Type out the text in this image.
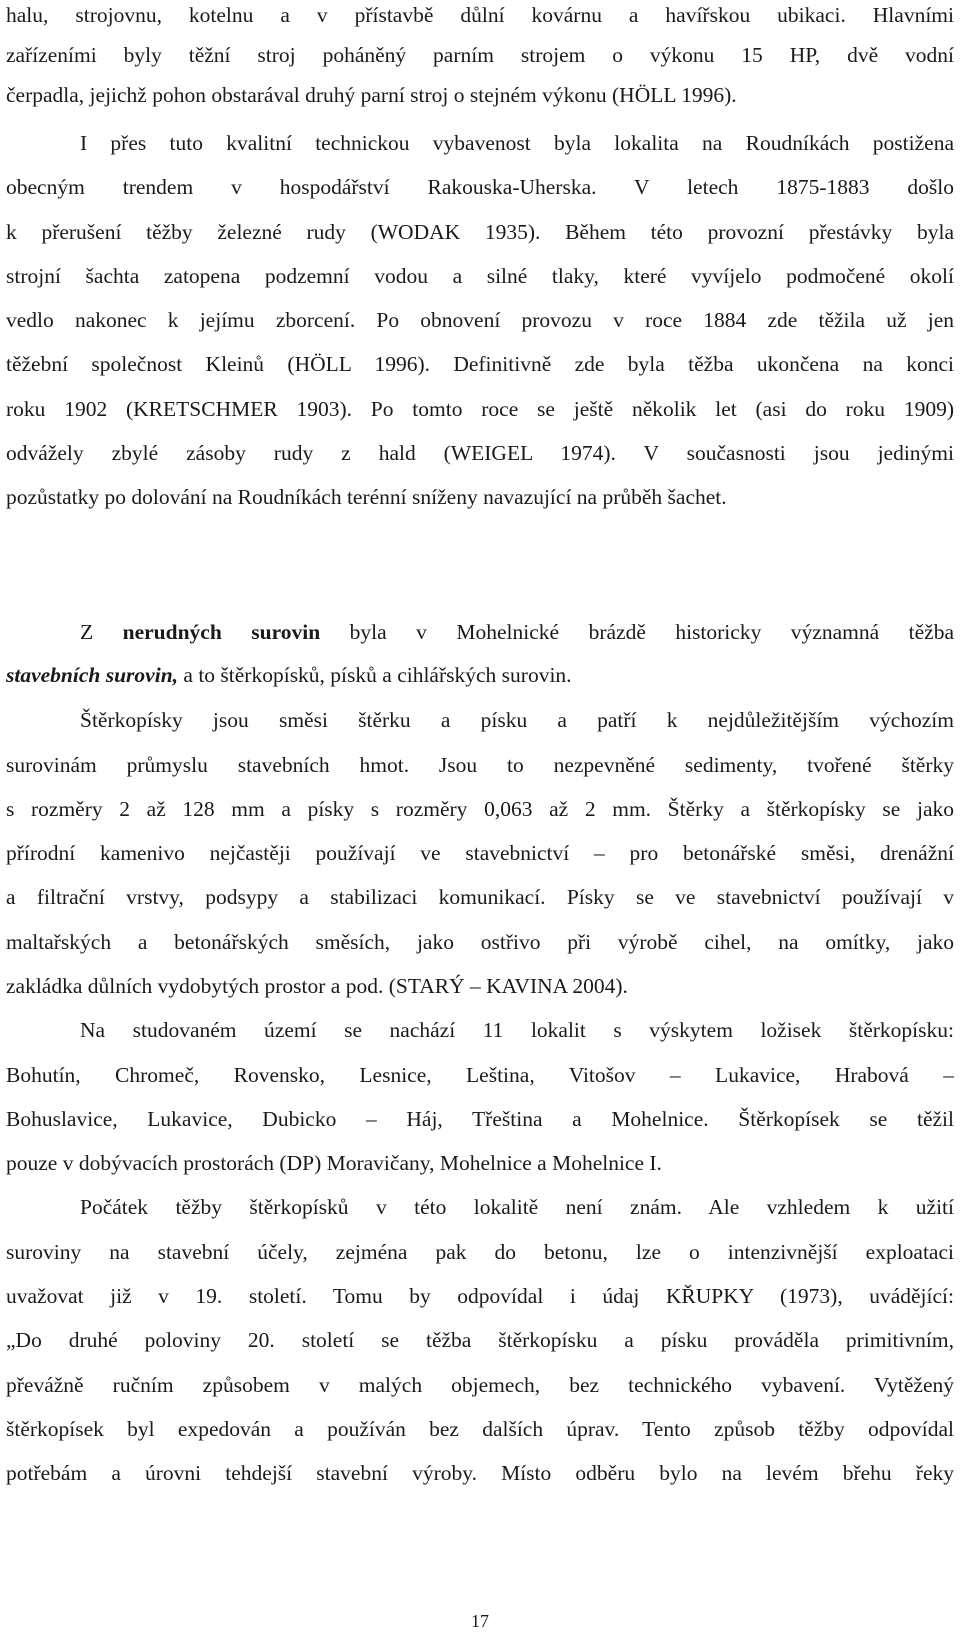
halu, strojovnu, kotelnu a v přístavbě důlní kovárnu a havířskou ubikaci. Hlavními
zařízeními byly těžní stroj poháněný parním strojem o výkonu 15 HP, dvě vodní
čerpadla, jejichž pohon obstarával druhý parní stroj o stejném výkonu (HÖLL 1996).
I přes tuto kvalitní technickou vybavenost byla lokalita na Roudníkách postižena
obecným trendem v hospodářství Rakouska-Uherska. V letech 1875-1883 došlo
k přerušení těžby železné rudy (WODAK 1935). Během této provozní přestávky byla
strojní šachta zatopena podzemní vodou a silné tlaky, které vyvíjelo podmočené okolí
vedlo nakonec k jejímu zborcení. Po obnovení provozu v roce 1884 zde těžila už jen
těžební společnost Kleinů (HÖLL 1996). Definitivně zde byla těžba ukončena na konci
roku 1902 (KRETSCHMER 1903). Po tomto roce se ještě několik let (asi do roku 1909)
odvážely zbylé zásoby rudy z hald (WEIGEL 1974). V současnosti jsou jedinými
pozůstatky po dolování na Roudníkách terénní sníženy navazující na průběh šachet.
Z nerudných surovin byla v Mohelnické brázdě historicky významná těžba
stavebních surovin, a to štěrkopísků, písků a cihlářských surovin.
Štěrkopísky jsou směsi štěrku a písku a patří k nejdůležitějším výchozím
surovinám průmyslu stavebních hmot. Jsou to nezpevněné sedimenty, tvořené štěrky
s rozměry 2 až 128 mm a písky s rozměry 0,063 až 2 mm. Štěrky a štěrkopísky se jako
přírodní kamenivo nejčastěji používají ve stavebnictví – pro betonářské směsi, drenážní
a filtrační vrstvy, podsypy a stabilizaci komunikací. Písky se ve stavebnictví používají v
maltařských a betonářských směsích, jako ostřivo při výrobě cihel, na omítky, jako
zakládka důlních vydobytých prostor a pod. (STARÝ – KAVINA 2004).
Na studovaném území se nachází 11 lokalit s výskytem ložisek štěrkopísku:
Bohutín, Chromeč, Rovensko, Lesnice, Leština, Vitošov – Lukavice, Hrabová –
Bohuslavice, Lukavice, Dubicko – Háj, Třeština a Mohelnice. Štěrkopísek se těžil
pouze v dobývacích prostorách (DP) Moravičany, Mohelnice a Mohelnice I.
Počátek těžby štěrkopísků v této lokalitě není znám. Ale vzhledem k užití
suroviny na stavební účely, zejména pak do betonu, lze o intenzivnější exploataci
uvažovat již v 19. století. Tomu by odpovídal i údaj KŘUPKY (1973), uvádějící:
„Do druhé poloviny 20. století se těžba štěrkopísku a písku prováděla primitivním,
převážně ručním způsobem v malých objemech, bez technického vybavení. Vytěžený
štěrkopísek byl expedován a používán bez dalších úprav. Tento způsob těžby odpovídal
potřebám a úrovni tehdejší stavební výroby. Místo odběru bylo na levém břehu řeky
17
